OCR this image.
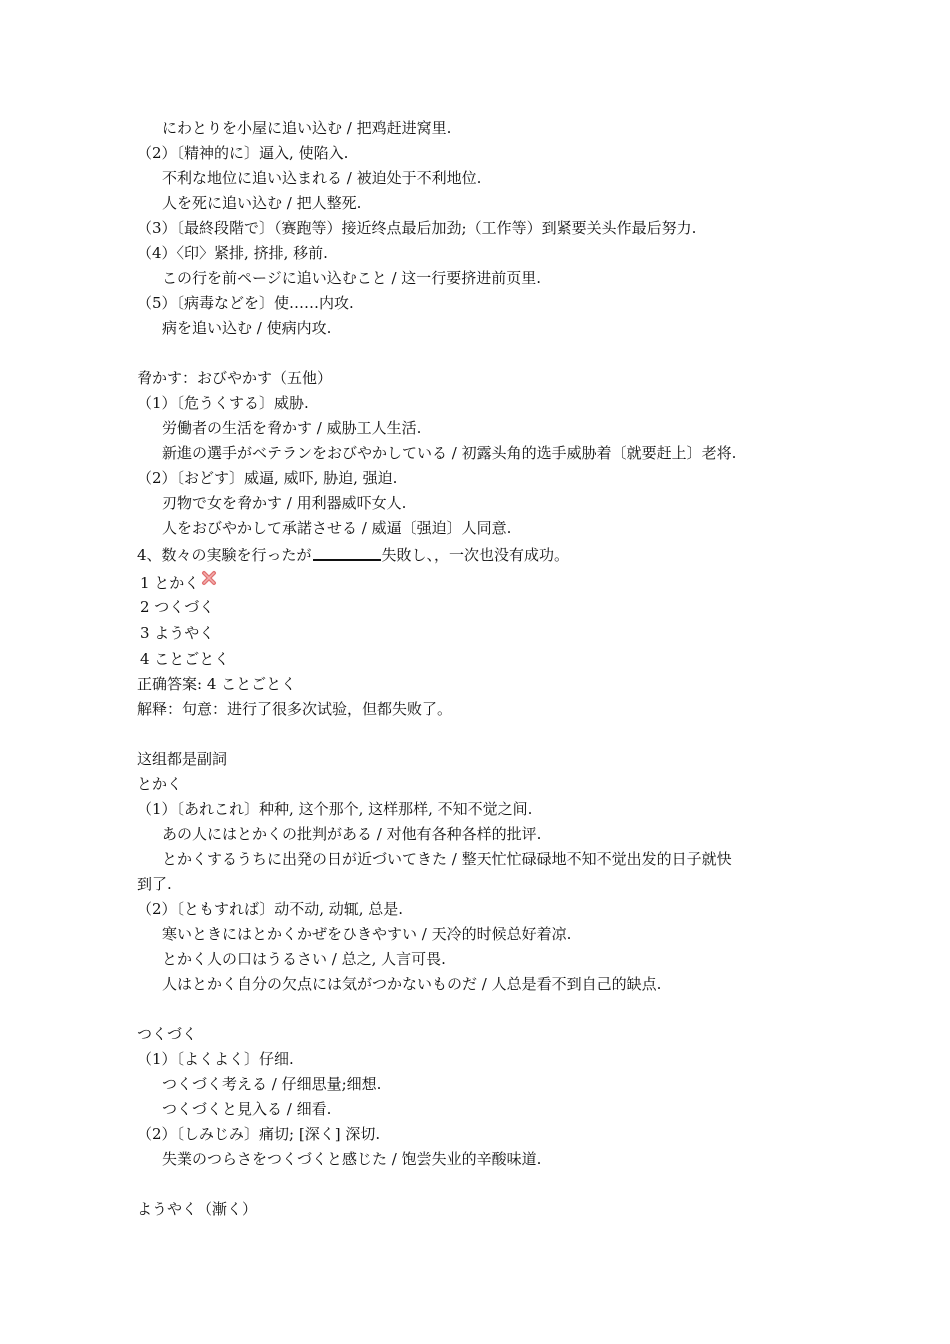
にわとりを小屋に追い込む / 把鸡赶进窝里.
（2）〔精神的に〕逼入, 使陷入.
不利な地位に追い込まれる / 被迫处于不利地位.
人を死に追い込む / 把人整死.
（3）〔最終段階で〕（赛跑等）接近终点最后加劲;（工作等）到紧要关头作最后努力.
（4）〈印〉紧排, 挤排, 移前.
この行を前ページに追い込むこと / 这一行要挤进前页里.
（5）〔病毒などを〕使……内攻.
病を追い込む / 使病内攻.
脅かす：おびやかす（五他）
（1）〔危うくする〕威胁.
労働者の生活を脅かす / 威胁工人生活.
新進の選手がベテランをおびやかしている / 初露头角的选手威胁着〔就要赶上〕老将.
（2）〔おどす〕威逼, 威吓, 胁迫, 强迫.
刃物で女を脅かす / 用利器威吓女人.
人をおびやかして承諾させる / 威逼〔强迫〕人同意.
4、数々の実験を行ったが	失敗し、，一次也没有成功。
1 とかく
2 つくづく
3 ようやく
4 ことごとく
正确答案: 4 ことごとく
解释：句意：进行了很多次试验，但都失败了。
这组都是副詞
とかく
（1）〔あれこれ〕种种, 这个那个, 这样那样, 不知不觉之间.
あの人にはとかくの批判がある / 对他有各种各样的批评.
とかくするうちに出発の日が近づいてきた / 整天忙忙碌碌地不知不觉出发的日子就快
到了.
（2）〔ともすれば〕动不动, 动辄, 总是.
寒いときにはとかくかぜをひきやすい / 天冷的时候总好着凉.
とかく人の口はうるさい / 总之, 人言可畏.
人はとかく自分の欠点には気がつかないものだ / 人总是看不到自己的缺点.
つくづく
（1）〔よくよく〕仔细.
つくづく考える / 仔细思量;细想.
つくづくと見入る / 细看.
（2）〔しみじみ〕痛切; [深く] 深切.
失業のつらさをつくづくと感じた / 饱尝失业的辛酸味道.
ようやく（漸く）
